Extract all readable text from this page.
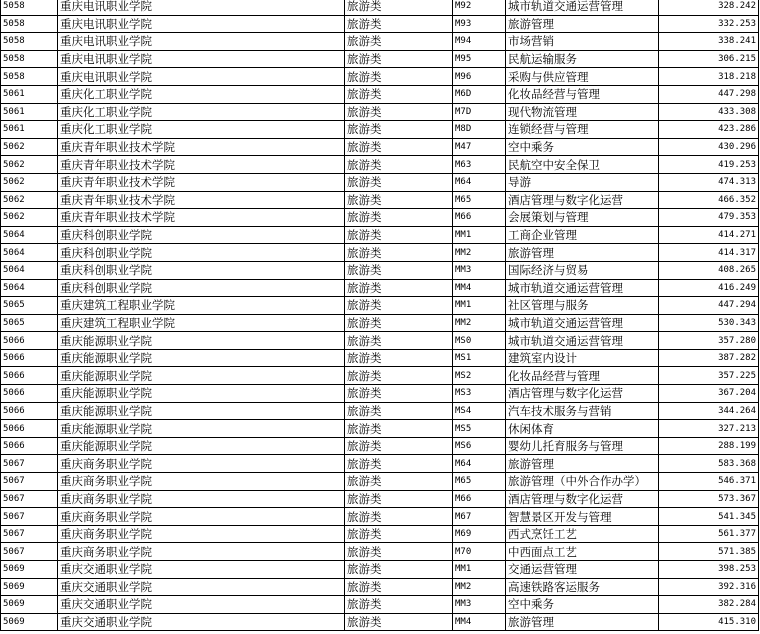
5058	重庆电讯职业学院	旅游类	M92	城市轨道交通运营管理	328.242
5058	重庆电讯职业学院	旅游类	M93	旅游管理	332.253
5058	重庆电讯职业学院	旅游类	M94	市场营销	338.241
5058	重庆电讯职业学院	旅游类	M95	民航运输服务	306.215
5058	重庆电讯职业学院	旅游类	M96	采购与供应管理	318.218
5061	重庆化工职业学院	旅游类	M6D	化妆品经营与管理	447.298
5061	重庆化工职业学院	旅游类	M7D	现代物流管理	433.308
5061	重庆化工职业学院	旅游类	M8D	连锁经营与管理	423.286
5062	重庆青年职业技术学院	旅游类	M47	空中乘务	430.296
5062	重庆青年职业技术学院	旅游类	M63	民航空中安全保卫	419.253
5062	重庆青年职业技术学院	旅游类	M64	导游	474.313
5062	重庆青年职业技术学院	旅游类	M65	酒店管理与数字化运营	466.352
5062	重庆青年职业技术学院	旅游类	M66	会展策划与管理	479.353
5064	重庆科创职业学院	旅游类	MM1	工商企业管理	414.271
5064	重庆科创职业学院	旅游类	MM2	旅游管理	414.317
5064	重庆科创职业学院	旅游类	MM3	国际经济与贸易	408.265
5064	重庆科创职业学院	旅游类	MM4	城市轨道交通运营管理	416.249
5065	重庆建筑工程职业学院	旅游类	MM1	社区管理与服务	447.294
5065	重庆建筑工程职业学院	旅游类	MM2	城市轨道交通运营管理	530.343
5066	重庆能源职业学院	旅游类	MS0	城市轨道交通运营管理	357.280
5066	重庆能源职业学院	旅游类	MS1	建筑室内设计	387.282
5066	重庆能源职业学院	旅游类	MS2	化妆品经营与管理	357.225
5066	重庆能源职业学院	旅游类	MS3	酒店管理与数字化运营	367.204
5066	重庆能源职业学院	旅游类	MS4	汽车技术服务与营销	344.264
5066	重庆能源职业学院	旅游类	MS5	休闲体育	327.213
5066	重庆能源职业学院	旅游类	MS6	婴幼儿托育服务与管理	288.199
5067	重庆商务职业学院	旅游类	M64	旅游管理	583.368
5067	重庆商务职业学院	旅游类	M65	旅游管理（中外合作办学）	546.371
5067	重庆商务职业学院	旅游类	M66	酒店管理与数字化运营	573.367
5067	重庆商务职业学院	旅游类	M67	智慧景区开发与管理	541.345
5067	重庆商务职业学院	旅游类	M69	西式烹饪工艺	561.377
5067	重庆商务职业学院	旅游类	M70	中西面点工艺	571.385
5069	重庆交通职业学院	旅游类	MM1	交通运营管理	398.253
5069	重庆交通职业学院	旅游类	MM2	高速铁路客运服务	392.316
5069	重庆交通职业学院	旅游类	MM3	空中乘务	382.284
5069	重庆交通职业学院	旅游类	MM4	旅游管理	415.310
